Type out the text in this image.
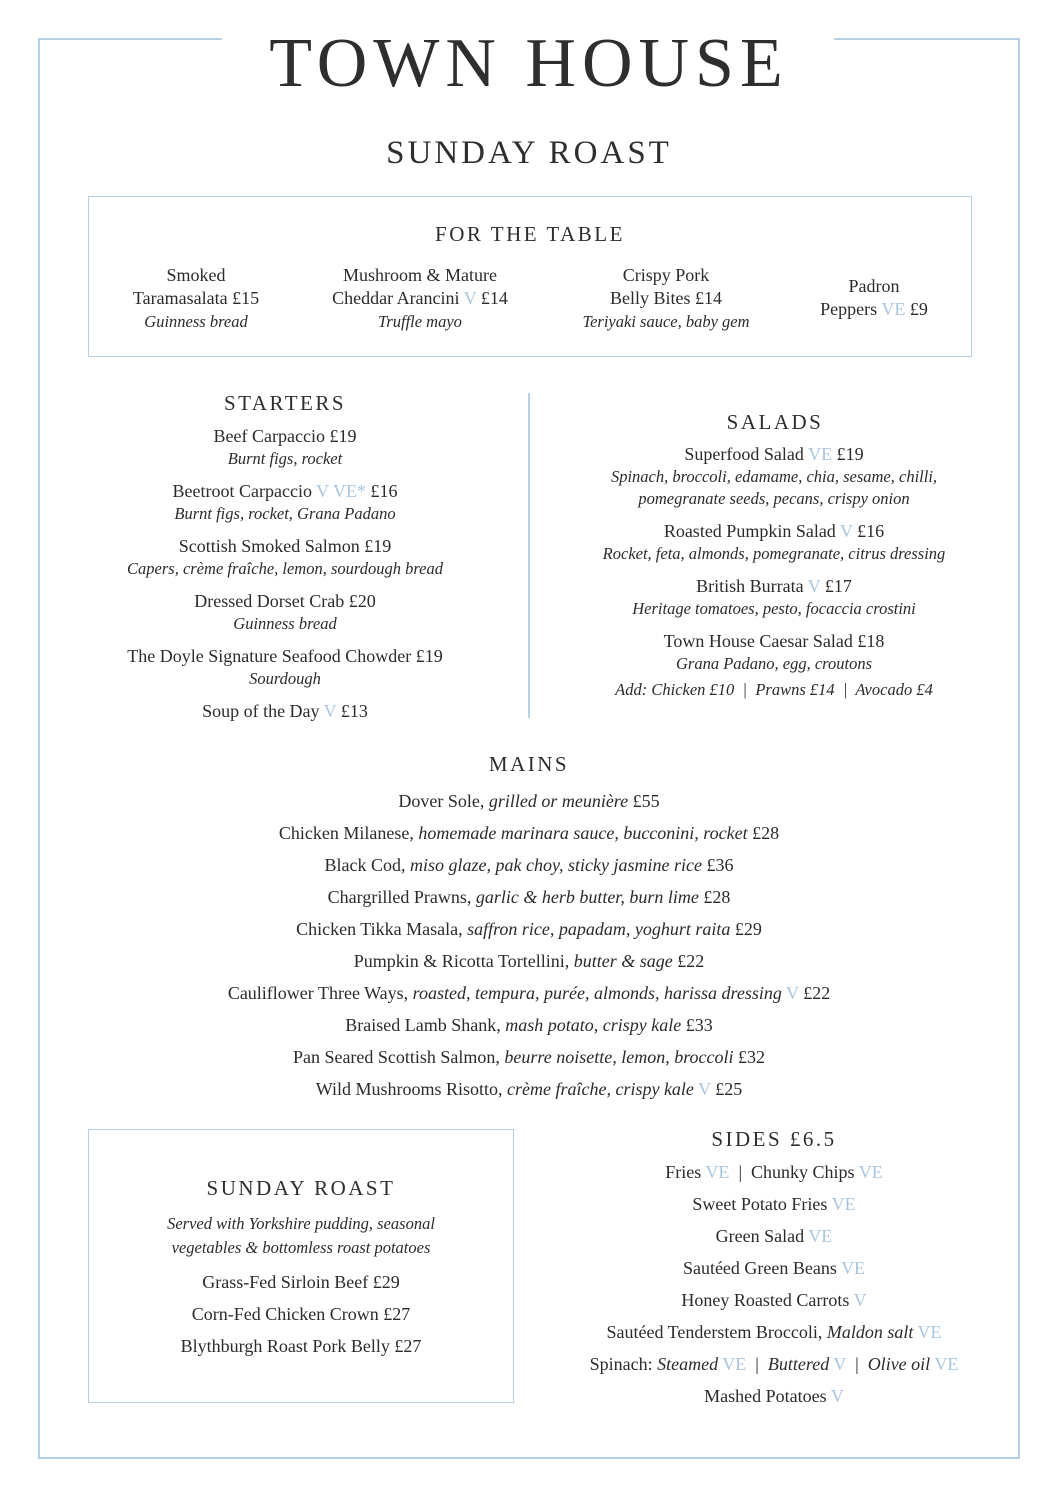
TOWN HOUSE
SUNDAY ROAST
FOR THE TABLE
Smoked
Taramasalata £15
Guinness bread
Mushroom & Mature
Cheddar Arancini V £14
Truffle mayo
Crispy Pork
Belly Bites £14
Teriyaki sauce, baby gem
Padron
Peppers VE £9
STARTERS
Beef Carpaccio £19
Burnt figs, rocket
Beetroot Carpaccio V VE* £16
Burnt figs, rocket, Grana Padano
Scottish Smoked Salmon £19
Capers, crème fraîche, lemon, sourdough bread
Dressed Dorset Crab £20
Guinness bread
The Doyle Signature Seafood Chowder £19
Sourdough
Soup of the Day V £13
SALADS
Superfood Salad VE £19
Spinach, broccoli, edamame, chia, sesame, chilli,
pomegranate seeds, pecans, crispy onion
Roasted Pumpkin Salad V £16
Rocket, feta, almonds, pomegranate, citrus dressing
British Burrata V £17
Heritage tomatoes, pesto, focaccia crostini
Town House Caesar Salad £18
Grana Padano, egg, croutons
Add: Chicken £10  |  Prawns £14  |  Avocado £4
MAINS
Dover Sole, grilled or meunière £55
Chicken Milanese, homemade marinara sauce, bucconini, rocket £28
Black Cod, miso glaze, pak choy, sticky jasmine rice £36
Chargrilled Prawns, garlic & herb butter, burn lime £28
Chicken Tikka Masala, saffron rice, papadam, yoghurt raita £29
Pumpkin & Ricotta Tortellini, butter & sage £22
Cauliflower Three Ways, roasted, tempura, purée, almonds, harissa dressing V £22
Braised Lamb Shank, mash potato, crispy kale £33
Pan Seared Scottish Salmon, beurre noisette, lemon, broccoli £32
Wild Mushrooms Risotto, crème fraîche, crispy kale V £25
SUNDAY ROAST
Served with Yorkshire pudding, seasonal
vegetables & bottomless roast potatoes
Grass-Fed Sirloin Beef £29
Corn-Fed Chicken Crown £27
Blythburgh Roast Pork Belly £27
SIDES £6.5
Fries VE  |  Chunky Chips VE
Sweet Potato Fries VE
Green Salad VE
Sautéed Green Beans VE
Honey Roasted Carrots V
Sautéed Tenderstem Broccoli, Maldon salt VE
Spinach: Steamed VE  |  Buttered V  |  Olive oil VE
Mashed Potatoes V
